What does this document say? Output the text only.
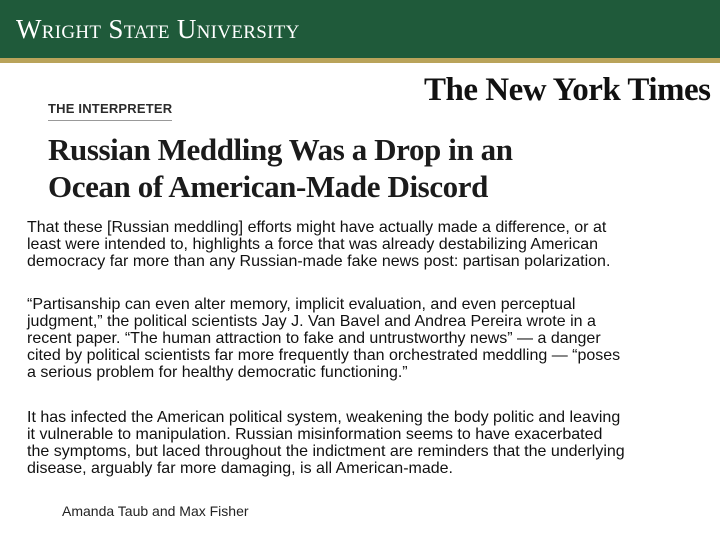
Wright State University
The New York Times
THE INTERPRETER
Russian Meddling Was a Drop in an
Ocean of American-Made Discord

That these [Russian meddling] efforts might have actually made a difference, or at
least were intended to, highlights a force that was already destabilizing American
democracy far more than any Russian-made fake news post: partisan polarization.

“Partisanship can even alter memory, implicit evaluation, and even perceptual
judgment,” the political scientists Jay J. Van Bavel and Andrea Pereira wrote in a
recent paper. “The human attraction to fake and untrustworthy news” — a danger
cited by political scientists far more frequently than orchestrated meddling — “poses
a serious problem for healthy democratic functioning.”

It has infected the American political system, weakening the body politic and leaving
it vulnerable to manipulation. Russian misinformation seems to have exacerbated
the symptoms, but laced throughout the indictment are reminders that the underlying
disease, arguably far more damaging, is all American-made.

Amanda Taub and Max Fisher
